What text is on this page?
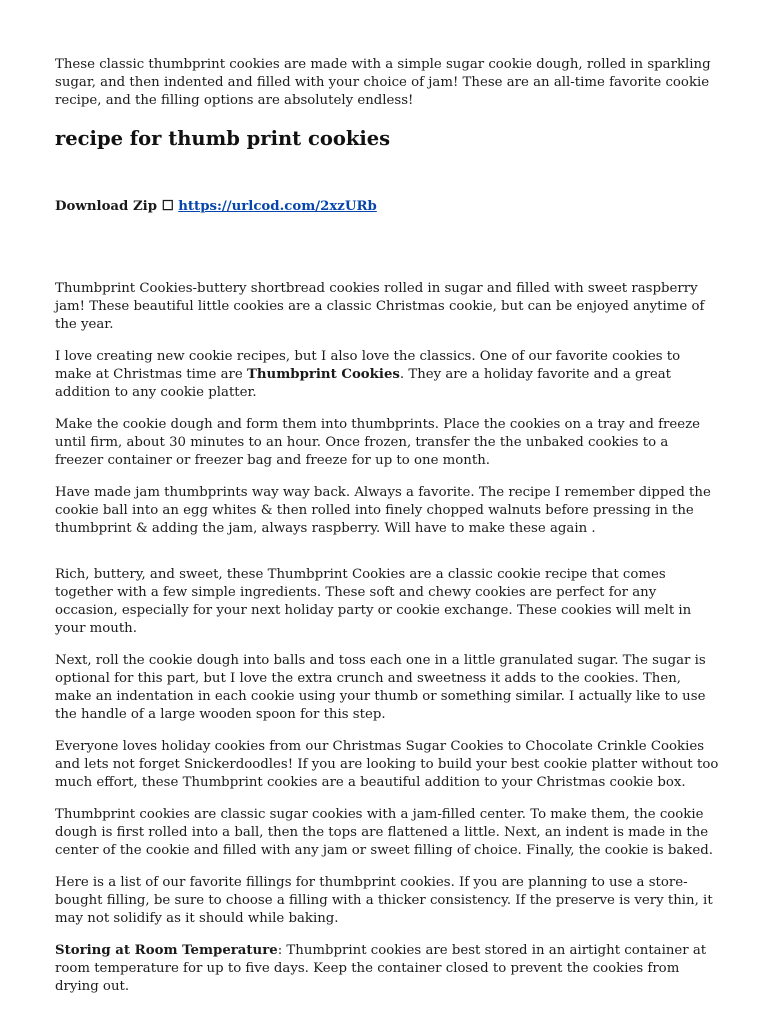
These classic thumbprint cookies are made with a simple sugar cookie dough, rolled in sparkling sugar, and then indented and filled with your choice of jam! These are an all-time favorite cookie recipe, and the filling options are absolutely endless!

recipe for thumb print cookies
Download Zip ☐ https://urlcod.com/2xzURb

Thumbprint Cookies-buttery shortbread cookies rolled in sugar and filled with sweet raspberry jam! These beautiful little cookies are a classic Christmas cookie, but can be enjoyed anytime of the year.

I love creating new cookie recipes, but I also love the classics. One of our favorite cookies to make at Christmas time are Thumbprint Cookies. They are a holiday favorite and a great addition to any cookie platter.

Make the cookie dough and form them into thumbprints. Place the cookies on a tray and freeze until firm, about 30 minutes to an hour. Once frozen, transfer the the unbaked cookies to a freezer container or freezer bag and freeze for up to one month.

Have made jam thumbprints way way back. Always a favorite. The recipe I remember dipped the cookie ball into an egg whites & then rolled into finely chopped walnuts before pressing in the thumbprint & adding the jam, always raspberry. Will have to make these again .

Rich, buttery, and sweet, these Thumbprint Cookies are a classic cookie recipe that comes together with a few simple ingredients. These soft and chewy cookies are perfect for any occasion, especially for your next holiday party or cookie exchange. These cookies will melt in your mouth.

Next, roll the cookie dough into balls and toss each one in a little granulated sugar. The sugar is optional for this part, but I love the extra crunch and sweetness it adds to the cookies. Then, make an indentation in each cookie using your thumb or something similar. I actually like to use the handle of a large wooden spoon for this step.

Everyone loves holiday cookies from our Christmas Sugar Cookies to Chocolate Crinkle Cookies and lets not forget Snickerdoodles! If you are looking to build your best cookie platter without too much effort, these Thumbprint cookies are a beautiful addition to your Christmas cookie box.

Thumbprint cookies are classic sugar cookies with a jam-filled center. To make them, the cookie dough is first rolled into a ball, then the tops are flattened a little. Next, an indent is made in the center of the cookie and filled with any jam or sweet filling of choice. Finally, the cookie is baked.

Here is a list of our favorite fillings for thumbprint cookies. If you are planning to use a store-bought filling, be sure to choose a filling with a thicker consistency. If the preserve is very thin, it may not solidify as it should while baking.

Storing at Room Temperature: Thumbprint cookies are best stored in an airtight container at room temperature for up to five days. Keep the container closed to prevent the cookies from drying out.
